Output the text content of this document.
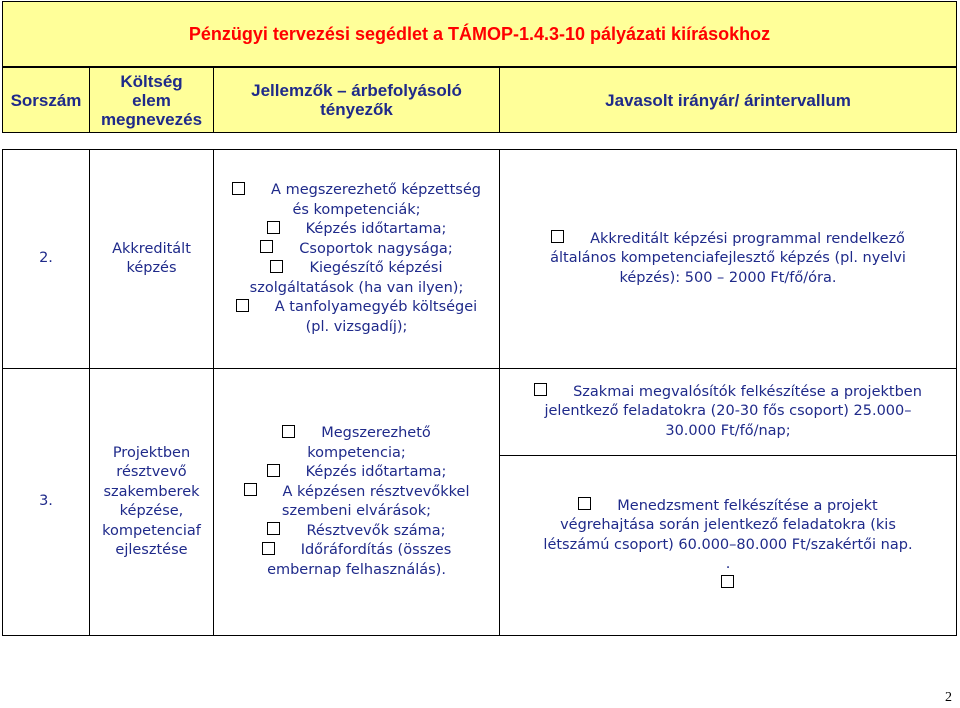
Pénzügyi tervezési segédlet a TÁMOP-1.4.3-10 pályázati kiírásokhoz
Sorszám
Költség
elem
megnevezés
Jellemzők – árbefolyásoló
tényezők	Javasolt irányár/ árintervallum
2.
Akkreditált
képzés
A megszerezhető képzettség
és kompetenciák;
Képzés időtartama;
Csoportok nagysága;
Kiegészítő képzési
szolgáltatások (ha van ilyen);
A tanfolyamegyéb költségei
(pl. vizsgadíj);
Akkreditált képzési programmal rendelkező
általános kompetenciafejlesztő képzés (pl. nyelvi
képzés): 500 – 2000 Ft/fő/óra.
3.
Projektben
résztvevő
szakemberek
képzése,
kompetenciaf
ejlesztése
Megszerezhető
kompetencia;
Képzés időtartama;
A képzésen résztvevőkkel
szembeni elvárások;
Résztvevők száma;
Időráfordítás (összes
embernap felhasználás).
Szakmai megvalósítók felkészítése a projektben
jelentkező feladatokra (20-30 fős csoport) 25.000–
30.000 Ft/fő/nap;
Menedzsment felkészítése a projekt
végrehajtása során jelentkező feladatokra (kis
létszámú csoport) 60.000–80.000 Ft/szakértői nap.
.
2
